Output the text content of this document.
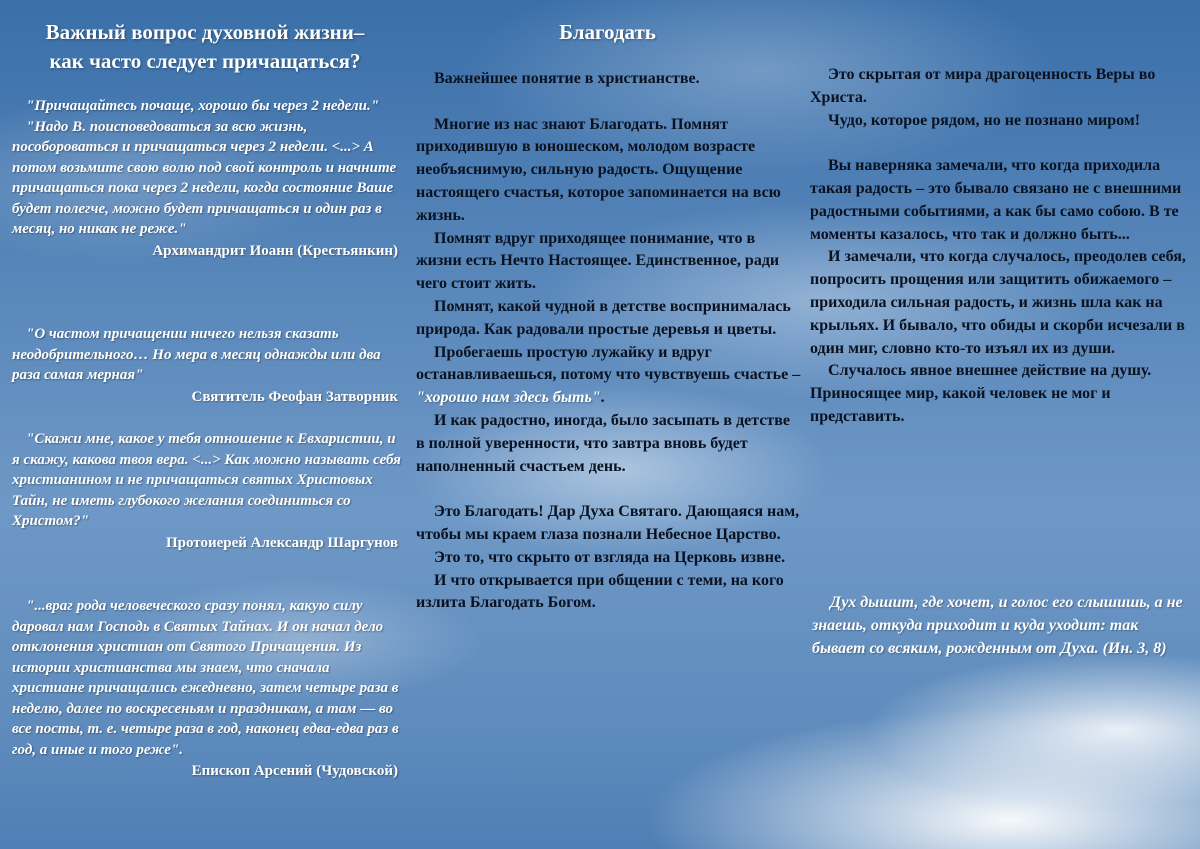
Важный вопрос духовной жизни–
как часто следует причащаться?

"Причащайтесь почаще, хорошо бы через 2 недели."

"Надо В. поисповедоваться за всю жизнь, пособороваться и причащаться через 2 недели. <...> А потом возьмите свою волю под свой контроль и начните причащаться пока через 2 недели, когда состояние Ваше будет полегче, можно будет причащаться и один раз в месяц, но никак не реже."

Архимандрит Иоанн (Крестьянкин)

"О частом причащении ничего нельзя сказать неодобрительного… Но мера в месяц однажды или два раза самая мерная"

Святитель Феофан Затворник

"Скажи мне, какое у тебя отношение к Евхаристии, и я скажу, какова твоя вера. <...> Как можно называть себя христианином и не причащаться святых Христовых Тайн, не иметь глубокого желания соединиться со Христом?"

Протоиерей Александр Шаргунов

"...враг рода человеческого сразу понял, какую силу даровал нам Господь в Святых Тайнах. И он начал дело отклонения христиан от Святого Причащения. Из истории христианства мы знаем, что сначала христиане причащались ежедневно, затем четыре раза в неделю, далее по воскресеньям и праздникам, а там — во все посты, т. е. четыре раза в год, наконец едва-едва раз в год, а иные и того реже".

Епископ Арсений (Чудовской)

Благодать

Важнейшее понятие в христианстве.

Многие из нас знают Благодать. Помнят приходившую в юношеском, молодом возрасте необъяснимую, сильную радость. Ощущение настоящего счастья, которое запоминается на всю жизнь.

Помнят вдруг приходящее понимание, что в жизни есть Нечто Настоящее. Единственное, ради чего стоит жить.

Помнят, какой чудной в детстве воспринималась природа. Как радовали простые деревья и цветы.

Пробегаешь простую лужайку и вдруг останавливаешься, потому что чувствуешь счастье – "хорошо нам здесь быть".

И как радостно, иногда, было засыпать в детстве в полной уверенности, что завтра вновь будет наполненный счастьем день.

Это Благодать! Дар Духа Святаго. Дающаяся нам, чтобы мы краем глаза познали Небесное Царство.

Это то, что скрыто от взгляда на Церковь извне.

И что открывается при общении с теми, на кого излита Благодать Богом.

Это скрытая от мира драгоценность Веры во Христа.

Чудо, которое рядом, но не познано миром!

Вы наверняка замечали, что когда приходила такая радость – это бывало связано не с внешними радостными событиями, а как бы само собою. В те моменты казалось, что так и должно быть...

И замечали, что когда случалось, преодолев себя, попросить прощения или защитить обижаемого – приходила сильная радость, и жизнь шла как на крыльях. И бывало, что обиды и скорби исчезали в один миг, словно кто-то изъял их из души.

Случалось явное внешнее действие на душу. Приносящее мир, какой человек не мог и представить.

Дух дышит, где хочет, и голос его слышишь, а не знаешь, откуда приходит и куда уходит: так бывает со всяким, рожденным от Духа. (Ин. 3, 8)
